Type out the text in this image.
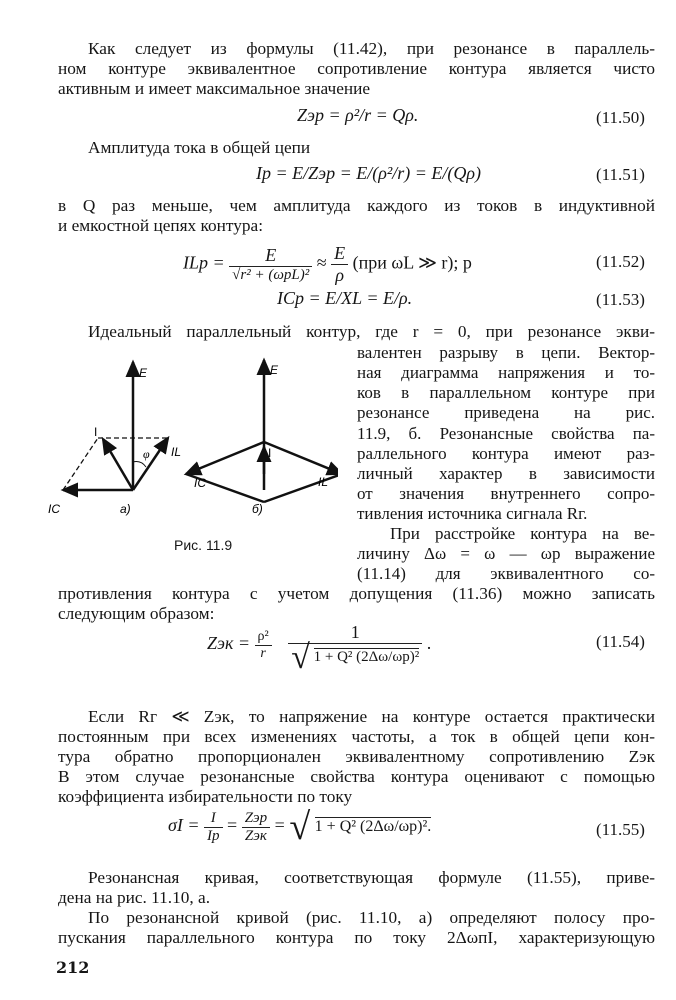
Как следует из формулы (11.42), при резонансе в параллель-
ном контуре эквивалентное сопротивление контура является чисто
активным и имеет максимальное значение
Zэр = ρ²/r = Qρ.	(11.50)
Амплитуда тока в общей цепи
Iр = E/Zэр = E/(ρ²/r) = E/(Qρ)	(11.51)
в Q раз меньше, чем амплитуда каждого из токов в индуктивной
и емкостной цепях контура:
ILр = $\frac{E}{\text{√r² + (ωрL)²}} \approx \frac{E}{\rho} (при$ ωL ≫ r); р	(11.52)
ICр = E/XL = E/ρ.	(11.53)
Идеальный параллельный контур, где r = 0, при резонансе экви-
валентен разрыву в цепи. Вектор-
ная диаграмма напряжения и то-
ков в параллельном контуре при
резонансе приведена на рис.
11.9, б. Резонансные свойства па-
раллельного контура имеют раз-
личный характер в зависимости
от значения внутреннего сопро-
тивления источника сигнала Rг.
При расстройке контура на ве-
личину Δω = ω — ωр выражение
(11.14) для эквивалентного со-
E
I
IL
IC
φ
а)
E
I
IL
IC
б)
Рис. 11.9
противления контура с учетом допущения (11.36) можно записать
следующим образом:
Zэк = $\frac{\text{ρ²}}{r}$
$\frac{1}{\text{√ 1 + Q² (2Δω/ωр)²}}$ .	(11.54)
Если Rг ≪ Zэк, то напряжение на контуре остается практически
постоянным при всех изменениях частоты, а ток в общей цепи кон-
тура обратно пропорционален эквивалентному сопротивлению Zэк
В этом случае резонансные свойства контура оценивают с помощью
коэффициента избирательности по току
$\sigma I = \frac{I}{Iр} = \frac{\text{Zэр}}{\text{Zэк}}$ = √ 1 + Q² (2Δω/ωр)².	(11.55)
Резонансная кривая, соответствующая формуле (11.55), приве-
дена на рис. 11.10, а.
По резонансной кривой (рис. 11.10, а) определяют полосу про-
пускания параллельного контура по току 2ΔωпI, характеризующую
212
